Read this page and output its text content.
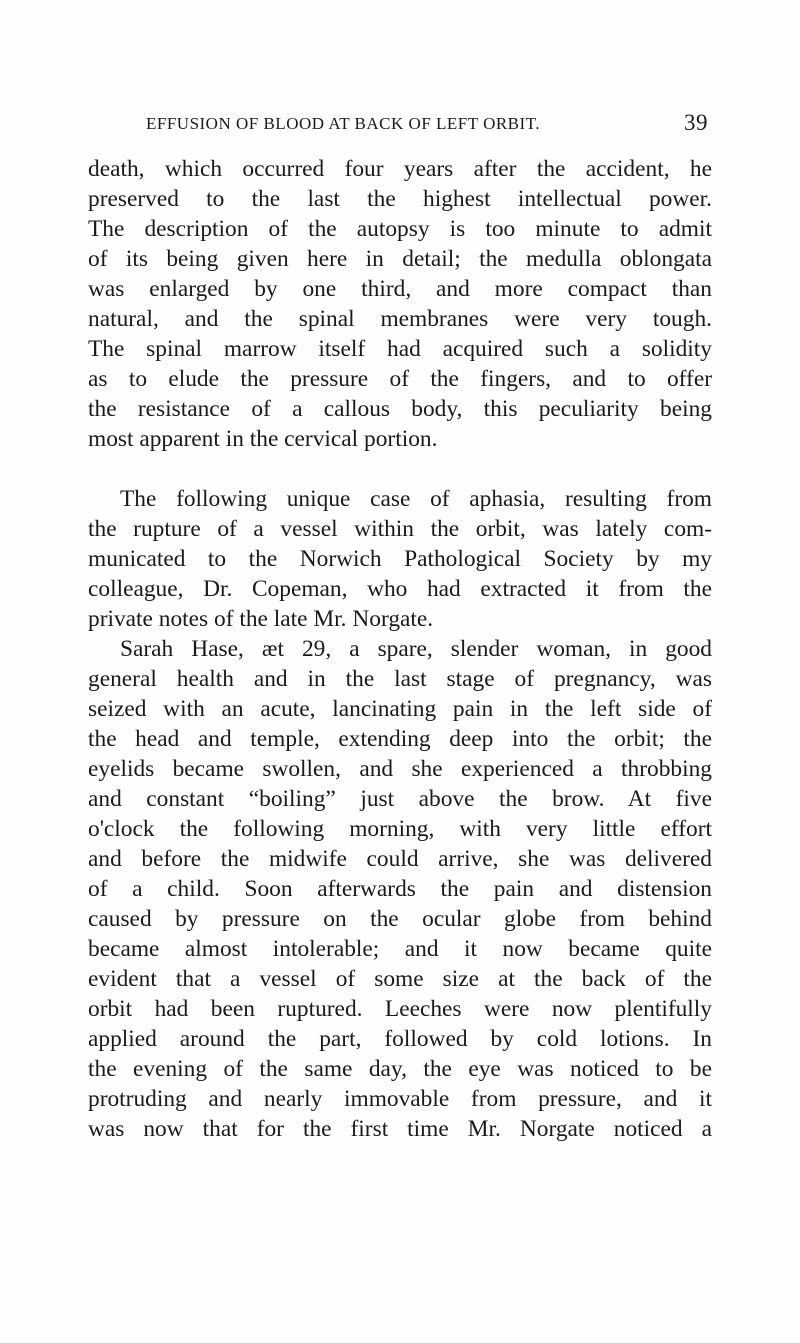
EFFUSION OF BLOOD AT BACK OF LEFT ORBIT.	39
death, which occurred four years after the accident, he
preserved to the last the highest intellectual power.
The description of the autopsy is too minute to admit
of its being given here in detail; the medulla oblongata
was enlarged by one third, and more compact than
natural, and the spinal membranes were very tough.
The spinal marrow itself had acquired such a solidity
as to elude the pressure of the fingers, and to offer
the resistance of a callous body, this peculiarity being
most apparent in the cervical portion.
The following unique case of aphasia, resulting from
the rupture of a vessel within the orbit, was lately com-
municated to the Norwich Pathological Society by my
colleague, Dr. Copeman, who had extracted it from the
private notes of the late Mr. Norgate.
Sarah Hase, æt 29, a spare, slender woman, in good
general health and in the last stage of pregnancy, was
seized with an acute, lancinating pain in the left side of
the head and temple, extending deep into the orbit; the
eyelids became swollen, and she experienced a throbbing
and constant “boiling” just above the brow. At five
o'clock the following morning, with very little effort
and before the midwife could arrive, she was delivered
of a child. Soon afterwards the pain and distension
caused by pressure on the ocular globe from behind
became almost intolerable; and it now became quite
evident that a vessel of some size at the back of the
orbit had been ruptured. Leeches were now plentifully
applied around the part, followed by cold lotions. In
the evening of the same day, the eye was noticed to be
protruding and nearly immovable from pressure, and it
was now that for the first time Mr. Norgate noticed a
